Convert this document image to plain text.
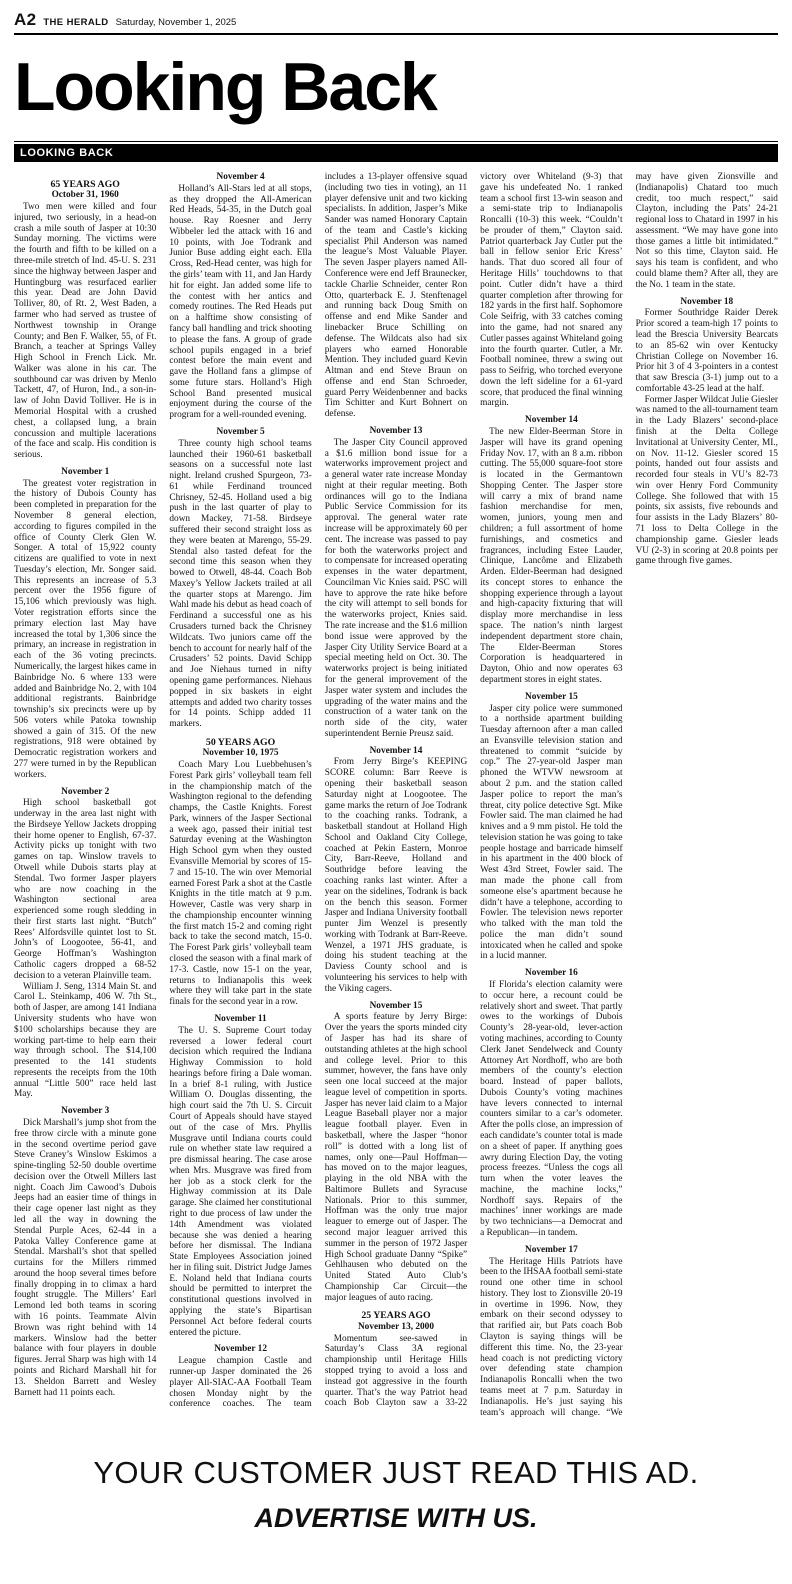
A2 THE HERALD Saturday, November 1, 2025
Looking Back
LOOKING BACK
65 YEARS AGO
October 31, 1960

Two men were killed and four injured, two seriously, in a head-on crash a mile south of Jasper at 10:30 Sunday morning. The victims were the fourth and fifth to be killed on a three-mile stretch of Ind. 45-U. S. 231 since the highway between Jasper and Huntingburg was resurfaced earlier this year. Dead are John David Tolliver, 80, of Rt. 2, West Baden, a farmer who had served as trustee of Northwest township in Orange County; and Ben F. Walker, 55, of Ft. Branch, a teacher at Springs Valley High School in French Lick. Mr. Walker was alone in his car. The southbound car was driven by Menlo Tackett, 47, of Huron, Ind., a son-in-law of John David Tolliver. He is in Memorial Hospital with a crushed chest, a collapsed lung, a brain concussion and multiple lacerations of the face and scalp. His condition is serious.

November 1

The greatest voter registration in the history of Dubois County has been completed in preparation for the November 8 general election, according to figures compiled in the office of County Clerk Glen W. Songer. A total of 15,922 county citizens are qualified to vote in next Tuesday’s election, Mr. Songer said. This represents an increase of 5.3 percent over the 1956 figure of 15,106 which previously was high. Voter registration efforts since the primary election last May have increased the total by 1,306 since the primary, an increase in registration in each of the 36 voting precincts. Numerically, the largest hikes came in Bainbridge No. 6 where 133 were added and Bainbridge No. 2, with 104 additional registrants. Bainbridge township’s six precincts were up by 506 voters while Patoka township showed a gain of 315. Of the new registrations, 918 were obtained by Democratic registration workers and 277 were turned in by the Republican workers.

November 2

High school basketball got underway in the area last night with the Birdseye Yellow Jackets dropping their home opener to English, 67-37. Activity picks up tonight with two games on tap. Winslow travels to Otwell while Dubois starts play at Stendal. Two former Jasper players who are now coaching in the Washington sectional area experienced some rough sledding in their first starts last night. “Butch” Rees’ Alfordsville quintet lost to St. John’s of Loogootee, 56-41, and George Hoffman’s Washington Catholic cagers dropped a 68-52 decision to a veteran Plainville team.

William J. Seng, 1314 Main St. and Carol L. Steinkamp, 406 W. 7th St., both of Jasper, are among 141 Indiana University students who have won $100 scholarships because they are working part-time to help earn their way through school. The $14,100 presented to the 141 students represents the receipts from the 10th annual “Little 500” race held last May.

November 3

Dick Marshall’s jump shot from the free throw circle with a minute gone in the second overtime period gave Steve Craney’s Winslow Eskimos a spine-tingling 52-50 double overtime decision over the Otwell Millers last night. Coach Jim Cawood’s Dubois Jeeps had an easier time of things in their cage opener last night as they led all the way in downing the Stendal Purple Aces, 62-44 in a Patoka Valley Conference game at Stendal. Marshall’s shot that spelled curtains for the Millers rimmed around the hoop several times before finally dropping in to climax a hard fought struggle. The Millers’ Earl Lemond led both teams in scoring with 16 points. Teammate Alvin Brown was right behind with 14 markers. Winslow had the better balance with four players in double figures. Jerral Sharp was high with 14 points and Richard Marshall hit for 13. Sheldon Barrett and Wesley Barnett had 11 points each.

November 4

Holland’s All-Stars led at all stops, as they dropped the All-American Red Heads, 54-35, in the Dutch goal house. Ray Roesner and Jerry Wibbeler led the attack with 16 and 10 points, with Joe Todrank and Junior Buse adding eight each. Ella Cross, Red-Head center, was high for the girls’ team with 11, and Jan Hardy hit for eight. Jan added some life to the contest with her antics and comedy routines. The Red Heads put on a halftime show consisting of fancy ball handling and trick shooting to please the fans. A group of grade school pupils engaged in a brief contest before the main event and gave the Holland fans a glimpse of some future stars. Holland’s High School Band presented musical enjoyment during the course of the program for a well-rounded evening.

November 5

Three county high school teams launched their 1960-61 basketball seasons on a successful note last night. Ireland crushed Spurgeon, 73-61 while Ferdinand trounced Chrisney, 52-45. Holland used a big push in the last quarter of play to down Mackey, 71-58. Birdseye suffered their second straight loss as they were beaten at Marengo, 55-29. Stendal also tasted defeat for the second time this season when they bowed to Otwell, 48-44. Coach Bob Maxey’s Yellow Jackets trailed at all the quarter stops at Marengo. Jim Wahl made his debut as head coach of Ferdinand a successful one as his Crusaders turned back the Chrisney Wildcats. Two juniors came off the bench to account for nearly half of the Crusaders’ 52 points. David Schipp and Joe Niehaus turned in nifty opening game performances. Niehaus popped in six baskets in eight attempts and added two charity tosses for 14 points. Schipp added 11 markers.

50 YEARS AGO
November 10, 1975

Coach Mary Lou Luebbehusen’s Forest Park girls’ volleyball team fell in the championship match of the Washington regional to the defending champs, the Castle Knights. Forest Park, winners of the Jasper Sectional a week ago, passed their initial test Saturday evening at the Washington High School gym when they ousted Evansville Memorial by scores of 15-7 and 15-10. The win over Memorial earned Forest Park a shot at the Castle Knights in the title match at 9 p.m. However, Castle was very sharp in the championship encounter winning the first match 15-2 and coming right back to take the second match, 15-0. The Forest Park girls’ volleyball team closed the season with a final mark of 17-3. Castle, now 15-1 on the year, returns to Indianapolis this week where they will take part in the state finals for the second year in a row.

November 11

The U. S. Supreme Court today reversed a lower federal court decision which required the Indiana Highway Commission to hold hearings before firing a Dale woman. In a brief 8-1 ruling, with Justice William O. Douglas dissenting, the high court said the 7th U. S. Circuit Court of Appeals should have stayed out of the case of Mrs. Phyllis Musgrave until Indiana courts could rule on whether state law required a pre dismissal hearing. The case arose when Mrs. Musgrave was fired from her job as a stock clerk for the Highway commission at its Dale garage. She claimed her constitutional right to due process of law under the 14th Amendment was violated because she was denied a hearing before her dismissal. The Indiana State Employees Association joined her in filing suit. District Judge James E. Noland held that Indiana courts should be permitted to interpret the constitutional questions involved in applying the state’s Bipartisan Personnel Act before federal courts entered the picture.

November 12

League champion Castle and runner-up Jasper dominated the 26 player All-SIAC-AA Football Team chosen Monday night by the conference coaches. The team includes a 13-player offensive squad (including two ties in voting), an 11 player defensive unit and two kicking specialists. In addition, Jasper’s Mike Sander was named Honorary Captain of the team and Castle’s kicking specialist Phil Anderson was named the league’s Most Valuable Player. The seven Jasper players named All-Conference were end Jeff Braunecker, tackle Charlie Schneider, center Ron Otto, quarterback E. J. Stenftenagel and running back Doug Smith on offense and end Mike Sander and linebacker Bruce Schilling on defense. The Wildcats also had six players who earned Honorable Mention. They included guard Kevin Altman and end Steve Braun on offense and end Stan Schroeder, guard Perry Weidenbenner and backs Tim Schitter and Kurt Bohnert on defense.

November 13

The Jasper City Council approved a $1.6 million bond issue for a waterworks improvement project and a general water rate increase Monday night at their regular meeting. Both ordinances will go to the Indiana Public Service Commission for its approval. The general water rate increase will be approximately 60 per cent. The increase was passed to pay for both the waterworks project and to compensate for increased operating expenses in the water department, Councilman Vic Knies said. PSC will have to approve the rate hike before the city will attempt to sell bonds for the waterworks project, Knies said. The rate increase and the $1.6 million bond issue were approved by the Jasper City Utility Service Board at a special meeting held on Oct. 30. The waterworks project is being initiated for the general improvement of the Jasper water system and includes the upgrading of the water mains and the construction of a water tank on the north side of the city, water superintendent Bernie Preusz said.

November 14

From Jerry Birge’s KEEPING SCORE column: Barr Reeve is opening their basketball season Saturday night at Loogootee. The game marks the return of Joe Todrank to the coaching ranks. Todrank, a basketball standout at Holland High School and Oakland City College, coached at Pekin Eastern, Monroe City, Barr-Reeve, Holland and Southridge before leaving the coaching ranks last winter. After a year on the sidelines, Todrank is back on the bench this season. Former Jasper and Indiana University football punter Jim Wenzel is presently working with Todrank at Barr-Reeve. Wenzel, a 1971 JHS graduate, is doing his student teaching at the Daviess County school and is volunteering his services to help with the Viking cagers.

November 15

A sports feature by Jerry Birge: Over the years the sports minded city of Jasper has had its share of outstanding athletes at the high school and college level. Prior to this summer, however, the fans have only seen one local succeed at the major league level of competition in sports. Jasper has never laid claim to a Major League Baseball player nor a major league football player. Even in basketball, where the Jasper “honor roll” is dotted with a long list of names, only one—Paul Hoffman—has moved on to the major leagues, playing in the old NBA with the Baltimore Bullets and Syracuse Nationals. Prior to this summer, Hoffman was the only true major leaguer to emerge out of Jasper. The second major leaguer arrived this summer in the person of 1972 Jasper High School graduate Danny “Spike” Gehlhausen who debuted on the United Stated Auto Club’s Championship Car Circuit—the major leagues of auto racing.

25 YEARS AGO
November 13, 2000

Momentum see-sawed in Saturday’s Class 3A regional championship until Heritage Hills stopped trying to avoid a loss and instead got aggressive in the fourth quarter. That’s the way Patriot head coach Bob Clayton saw a 33-22 victory over Whiteland (9-3) that gave his undefeated No. 1 ranked team a school first 13-win season and a semi-state trip to Indianapolis Roncalli (10-3) this week. “Couldn’t be prouder of them,” Clayton said. Patriot quarterback Jay Cutler put the ball in fellow senior Eric Kress’ hands. That duo scored all four of Heritage Hills’ touchdowns to that point. Cutler didn’t have a third quarter completion after throwing for 182 yards in the first half. Sophomore Cole Seifrig, with 33 catches coming into the game, had not snared any Cutler passes against Whiteland going into the fourth quarter. Cutler, a Mr. Football nominee, threw a swing out pass to Seifrig, who torched everyone down the left sideline for a 61-yard score, that produced the final winning margin.

November 14

The new Elder-Beerman Store in Jasper will have its grand opening Friday Nov. 17, with an 8 a.m. ribbon cutting. The 55,000 square-foot store is located in the Germantown Shopping Center. The Jasper store will carry a mix of brand name fashion merchandise for men, women, juniors, young men and children; a full assortment of home furnishings, and cosmetics and fragrances, including Estee Lauder, Clinique, Lancôme and Elizabeth Arden. Elder-Beerman had designed its concept stores to enhance the shopping experience through a layout and high-capacity fixturing that will display more merchandise in less space. The nation’s ninth largest independent department store chain, The Elder-Beerman Stores Corporation is headquartered in Dayton, Ohio and now operates 63 department stores in eight states.

November 15

Jasper city police were summoned to a northside apartment building Tuesday afternoon after a man called an Evansville television station and threatened to commit “suicide by cop.” The 27-year-old Jasper man phoned the WTVW newsroom at about 2 p.m. and the station called Jasper police to report the man’s threat, city police detective Sgt. Mike Fowler said. The man claimed he had knives and a 9 mm pistol. He told the television station he was going to take people hostage and barricade himself in his apartment in the 400 block of West 43rd Street, Fowler said. The man made the phone call from someone else’s apartment because he didn’t have a telephone, according to Fowler. The television news reporter who talked with the man told the police the man didn’t sound intoxicated when he called and spoke in a lucid manner.

November 16

If Florida’s election calamity were to occur here, a recount could be relatively short and sweet. That partly owes to the workings of Dubois County’s 28-year-old, lever-action voting machines, according to County Clerk Janet Sendelweck and County Attorney Art Nordhoff, who are both members of the county’s election board. Instead of paper ballots, Dubois County’s voting machines have levers connected to internal counters similar to a car’s odometer. After the polls close, an impression of each candidate’s counter total is made on a sheet of paper. If anything goes awry during Election Day, the voting process freezes. “Unless the cogs all turn when the voter leaves the machine, the machine locks,” Nordhoff says. Repairs of the machines’ inner workings are made by two technicians—a Democrat and a Republican—in tandem.

November 17

The Heritage Hills Patriots have been to the IHSAA football semi-state round one other time in school history. They lost to Zionsville 20-19 in overtime in 1996. Now, they embark on their second odyssey to that rarified air, but Pats coach Bob Clayton is saying things will be different this time. No, the 23-year head coach is not predicting victory over defending state champion Indianapolis Roncalli when the two teams meet at 7 p.m. Saturday in Indianapolis. He’s just saying his team’s approach will change. “We may have given Zionsville and (Indianapolis) Chatard too much credit, too much respect,” said Clayton, including the Pats’ 24-21 regional loss to Chatard in 1997 in his assessment. “We may have gone into those games a little bit intimidated.” Not so this time, Clayton said. He says his team is confident, and who could blame them? After all, they are the No. 1 team in the state.

November 18

Former Southridge Raider Derek Prior scored a team-high 17 points to lead the Brescia University Bearcats to an 85-62 win over Kentucky Christian College on November 16. Prior hit 3 of 4 3-pointers in a contest that saw Brescia (3-1) jump out to a comfortable 43-25 lead at the half.

Former Jasper Wildcat Julie Giesler was named to the all-tournament team in the Lady Blazers’ second-place finish at the Delta College Invitational at University Center, MI., on Nov. 11-12. Giesler scored 15 points, handed out four assists and recorded four steals in VU’s 82-73 win over Henry Ford Community College. She followed that with 15 points, six assists, five rebounds and four assists in the Lady Blazers’ 80-71 loss to Delta College in the championship game. Giesler leads VU (2-3) in scoring at 20.8 points per game through five games.

YOUR CUSTOMER JUST READ THIS AD.
ADVERTISE WITH US.
